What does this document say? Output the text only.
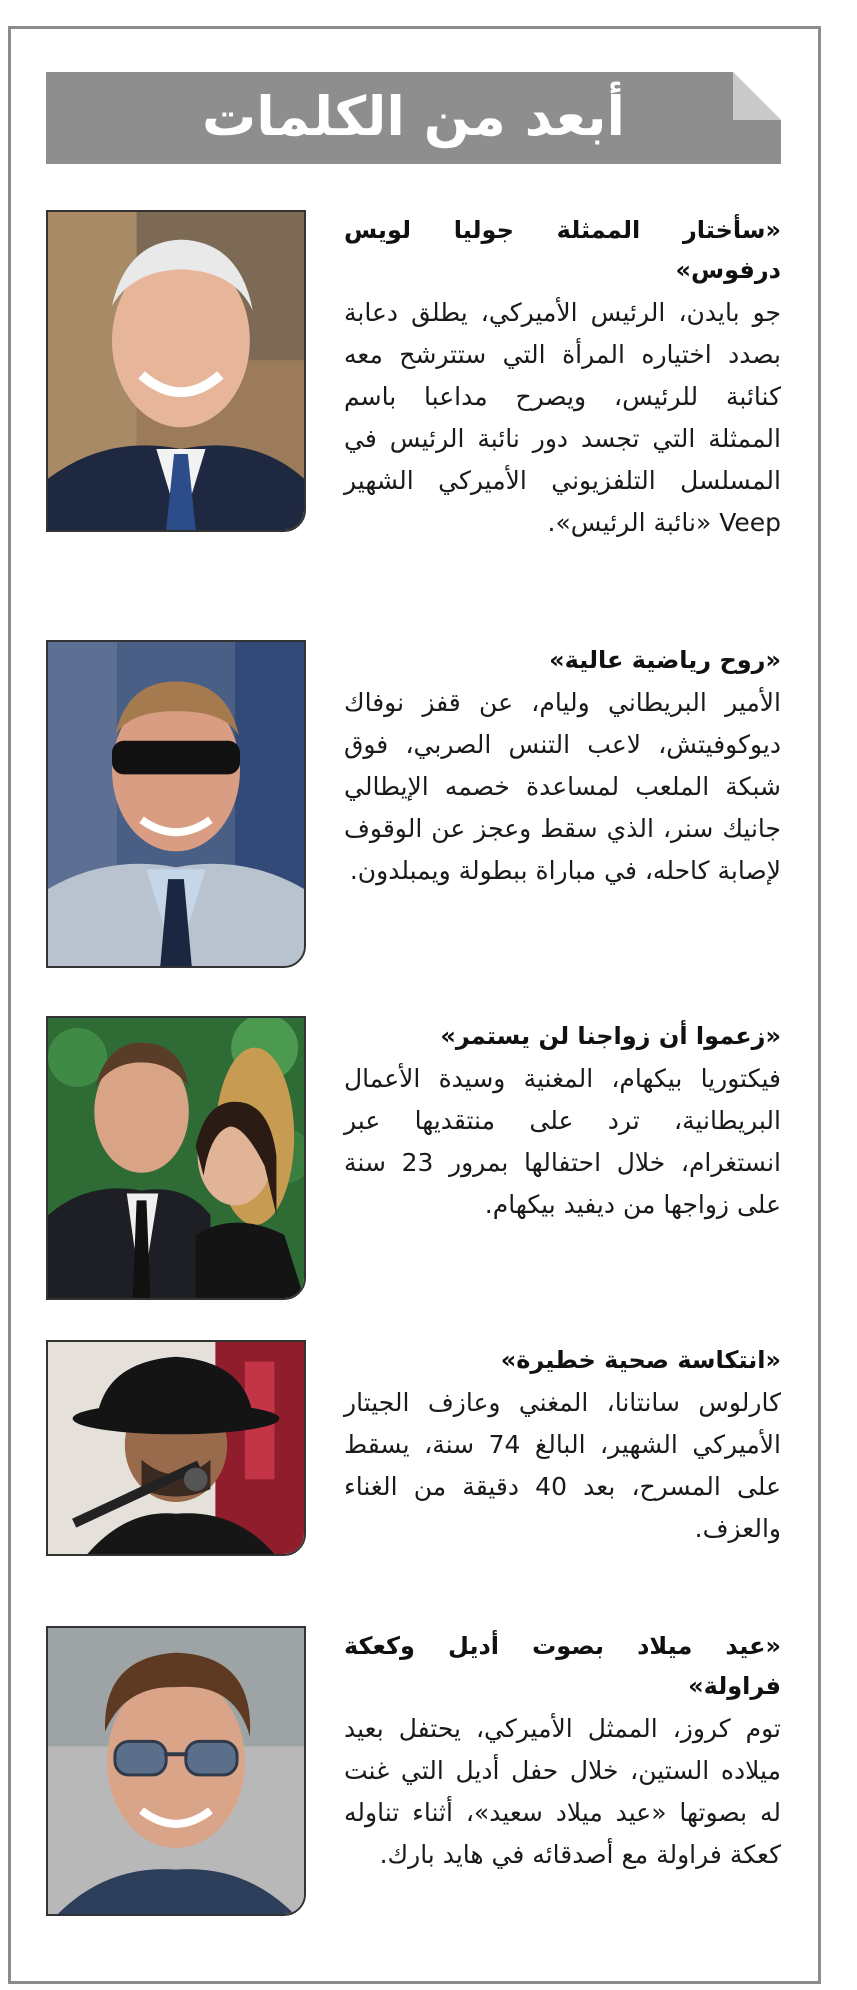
أبعد من الكلمات

«سأختار الممثلة جوليا لويس درفوس»

جو بايدن، الرئيس الأميركي، يطلق دعابة بصدد اختياره المرأة التي ستترشح معه كنائبة للرئيس، ويصرح مداعبا باسم الممثلة التي تجسد دور نائبة الرئيس في المسلسل التلفزيوني الأميركي الشهير Veep «نائبة الرئيس».

«روح رياضية عالية»

الأمير البريطاني وليام، عن قفز نوفاك ديوكوفيتش، لاعب التنس الصربي، فوق شبكة الملعب لمساعدة خصمه الإيطالي جانيك سنر، الذي سقط وعجز عن الوقوف لإصابة كاحله، في مباراة ببطولة ويمبلدون.

«زعموا أن زواجنا لن يستمر»

فيكتوريا بيكهام، المغنية وسيدة الأعمال البريطانية، ترد على منتقديها عبر انستغرام، خلال احتفالها بمرور 23 سنة على زواجها من ديفيد بيكهام.

«انتكاسة صحية خطيرة»

كارلوس سانتانا، المغني وعازف الجيتار الأميركي الشهير، البالغ 74 سنة، يسقط على المسرح، بعد 40 دقيقة من الغناء والعزف.

«عيد ميلاد بصوت أديل وكعكة فراولة»

توم كروز، الممثل الأميركي، يحتفل بعيد ميلاده الستين، خلال حفل أديل التي غنت له بصوتها «عيد ميلاد سعيد»، أثناء تناوله كعكة فراولة مع أصدقائه في هايد بارك.
